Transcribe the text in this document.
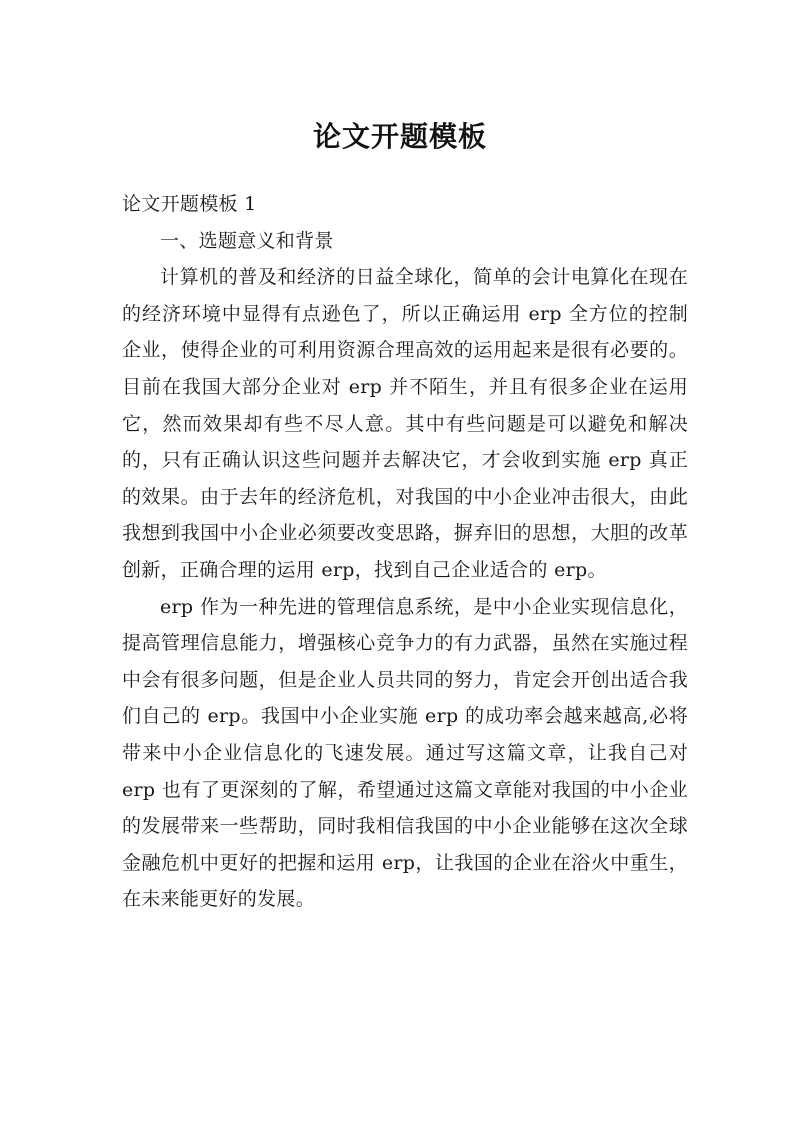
论文开题模板

论文开题模板 1

一、选题意义和背景

计算机的普及和经济的日益全球化，简单的会计电算化在现在的经济环境中显得有点逊色了，所以正确运用 erp 全方位的控制企业，使得企业的可利用资源合理高效的运用起来是很有必要的。目前在我国大部分企业对 erp 并不陌生，并且有很多企业在运用它，然而效果却有些不尽人意。其中有些问题是可以避免和解决的，只有正确认识这些问题并去解决它，才会收到实施 erp 真正的效果。由于去年的经济危机，对我国的中小企业冲击很大，由此我想到我国中小企业必须要改变思路，摒弃旧的思想，大胆的改革创新，正确合理的运用 erp，找到自己企业适合的 erp。

erp 作为一种先进的管理信息系统，是中小企业实现信息化，提高管理信息能力，增强核心竞争力的有力武器，虽然在实施过程中会有很多问题，但是企业人员共同的努力，肯定会开创出适合我们自己的 erp。我国中小企业实施 erp 的成功率会越来越高,必将带来中小企业信息化的飞速发展。通过写这篇文章，让我自己对 erp 也有了更深刻的了解，希望通过这篇文章能对我国的中小企业的发展带来一些帮助，同时我相信我国的中小企业能够在这次全球金融危机中更好的把握和运用 erp，让我国的企业在浴火中重生，在未来能更好的发展。
